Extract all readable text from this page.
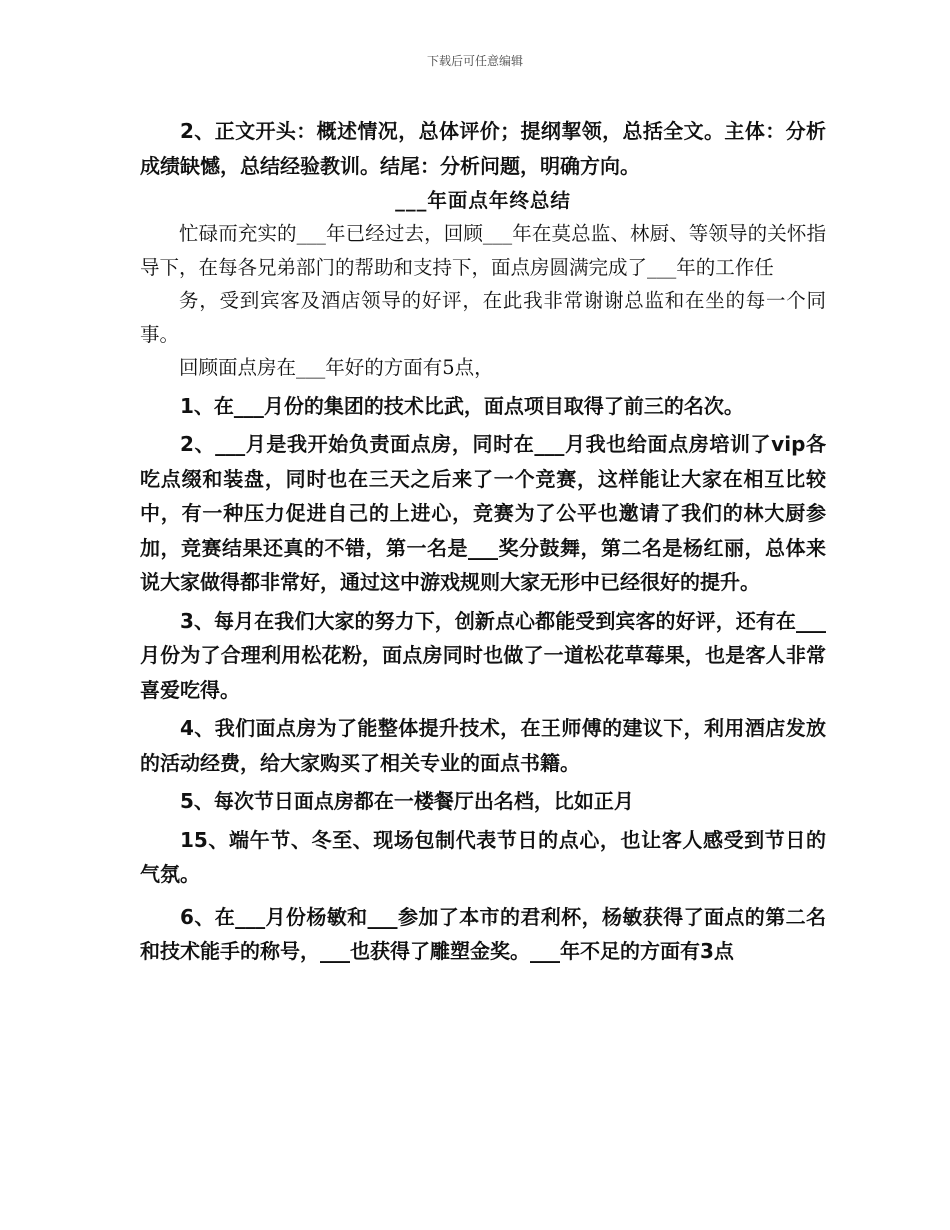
下载后可任意编辑

2、正文开头：概述情况，总体评价；提纲挈领，总括全文。主体：分析成绩缺憾，总结经验教训。结尾：分析问题，明确方向。

___年面点年终总结

忙碌而充实的___年已经过去，回顾___年在莫总监、林厨、等领导的关怀指导下，在每各兄弟部门的帮助和支持下，面点房圆满完成了___年的工作任

务，受到宾客及酒店领导的好评，在此我非常谢谢总监和在坐的每一个同事。

回顾面点房在___年好的方面有5点，

1、在___月份的集团的技术比武，面点项目取得了前三的名次。

2、___月是我开始负责面点房，同时在___月我也给面点房培训了vip各吃点缀和装盘，同时也在三天之后来了一个竞赛，这样能让大家在相互比较中，有一种压力促进自己的上进心，竞赛为了公平也邀请了我们的林大厨参加，竞赛结果还真的不错，第一名是___奖分鼓舞，第二名是杨红丽，总体来说大家做得都非常好，通过这中游戏规则大家无形中已经很好的提升。

3、每月在我们大家的努力下，创新点心都能受到宾客的好评，还有在___月份为了合理利用松花粉，面点房同时也做了一道松花草莓果，也是客人非常喜爱吃得。

4、我们面点房为了能整体提升技术，在王师傅的建议下，利用酒店发放的活动经费，给大家购买了相关专业的面点书籍。

5、每次节日面点房都在一楼餐厅出名档，比如正月

15、端午节、冬至、现场包制代表节日的点心，也让客人感受到节日的气氛。

6、在___月份杨敏和___参加了本市的君利杯，杨敏获得了面点的第二名和技术能手的称号，___也获得了雕塑金奖。___年不足的方面有3点
